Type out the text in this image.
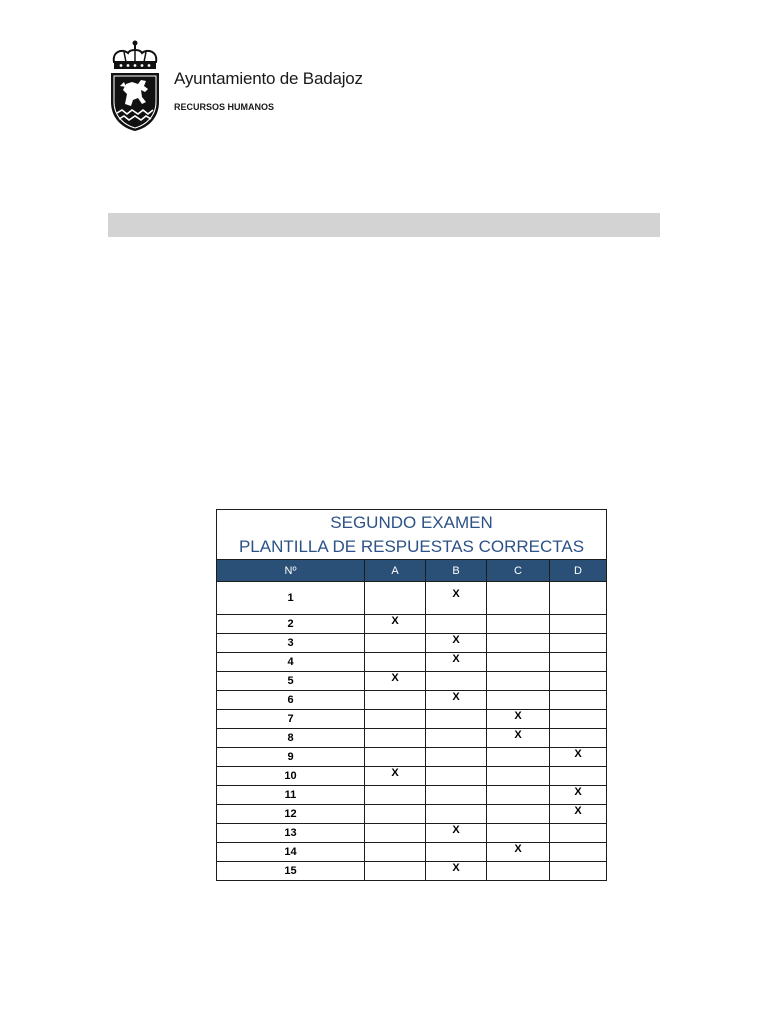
Ayuntamiento de Badajoz
RECURSOS HUMANOS
SEGUNDO EXAMEN
PLANTILLA DE RESPUESTAS CORRECTAS				

Nº	A	B	C	D
1		X		
2	X			
3		X		
4		X		
5	X			
6		X		
7			X	
8			X	
9				X
10	X			
11				X
12				X
13		X		
14			X	
15		X		
